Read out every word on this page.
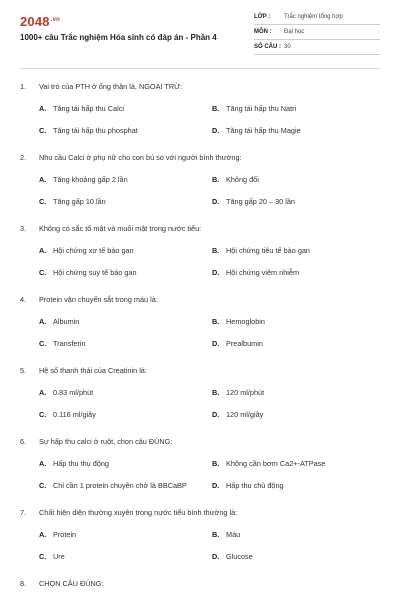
$2048^{.vn}$
1000+ câu Trắc nghiệm Hóa sinh có đáp án - Phần 4
LỚP : Trắc nghiệm tổng hợp
MÔN : Đại học
SỐ CÂU : 30
1. Vai trò của PTH ở ống thận là, NGOẠI TRỪ:
A. Tăng tái hấp thu Calci	B. Tăng tái hấp thu Natri
C. Tăng tái hấp thu phosphat	D. Tăng tái hấp thu Magie
2. Nhu cầu Calci ở phụ nữ cho con bú so với người bình thường:
A. Tăng khoảng gấp 2 lần	B. Không đổi
C. Tăng gấp 10 lần	D. Tăng gấp 20 – 30 lần
3. Không có sắc tố mật và muối mật trong nước tiểu:
A. Hội chứng xơ tế bào gan	B. Hội chứng tiêu tế bào gan
C. Hội chứng suy tế bào gan	D. Hội chứng viêm nhiễm
4. Protein vận chuyển sắt trong máu là:
A. Albumin	B. Hemoglobin
C. Transferin	D. Prealbumin
5. Hệ số thanh thải của Creatinin là:
A. 0.83 ml/phút	B. 120 ml/phút
C. 0.116 ml/giây	D. 120 ml/giây
6. Sự hấp thu calci ở ruột, chọn câu ĐÚNG:
A. Hấp thu thụ động	B. Không cần bơm Ca2+-ATPase
C. Chỉ cần 1 protein chuyên chở là BBCaBP	D. Hấp thu chủ động
7. Chất hiện diện thường xuyên trong nước tiểu bình thường là:
A. Protein	B. Máu
C. Ure	D. Glucose
8. CHỌN CÂU ĐÚNG:
